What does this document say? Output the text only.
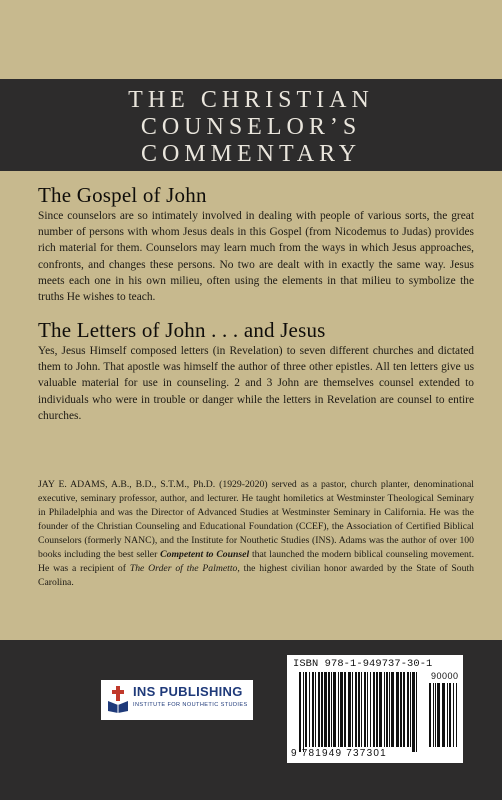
THE CHRISTIAN
COUNSELOR’S
COMMENTARY
The Gospel of John
Since counselors are so intimately involved in dealing with people of various sorts, the great number of persons with whom Jesus deals in this Gospel (from Nicodemus to Judas) provides rich material for them. Counselors may learn much from the ways in which Jesus approaches, confronts, and changes these persons. No two are dealt with in exactly the same way. Jesus meets each one in his own milieu, often using the elements in that milieu to symbolize the truths He wishes to teach.
The Letters of John . . . and Jesus
Yes, Jesus Himself composed letters (in Revelation) to seven different churches and dictated them to John. That apostle was himself the author of three other epistles. All ten letters give us valuable material for use in counseling. 2 and 3 John are themselves counsel extended to individuals who were in trouble or danger while the letters in Revelation are counsel to entire churches.
JAY E. ADAMS, A.B., B.D., S.T.M., Ph.D. (1929-2020) served as a pastor, church planter, denominational executive, seminary professor, author, and lecturer. He taught homiletics at Westminster Theological Seminary in Philadelphia and was the Director of Advanced Studies at Westminster Seminary in California. He was the founder of the Christian Counseling and Educational Foundation (CCEF), the Association of Certified Biblical Counselors (formerly NANC), and the Institute for Nouthetic Studies (INS). Adams was the author of over 100 books including the best seller Competent to Counsel that launched the modern biblical counseling movement. He was a recipient of The Order of the Palmetto, the highest civilian honor awarded by the State of South Carolina.
INS PUBLISHING
INSTITUTE FOR NOUTHETIC STUDIES
ISBN 978-1-949737-30-1
90000
9 781949 737301
